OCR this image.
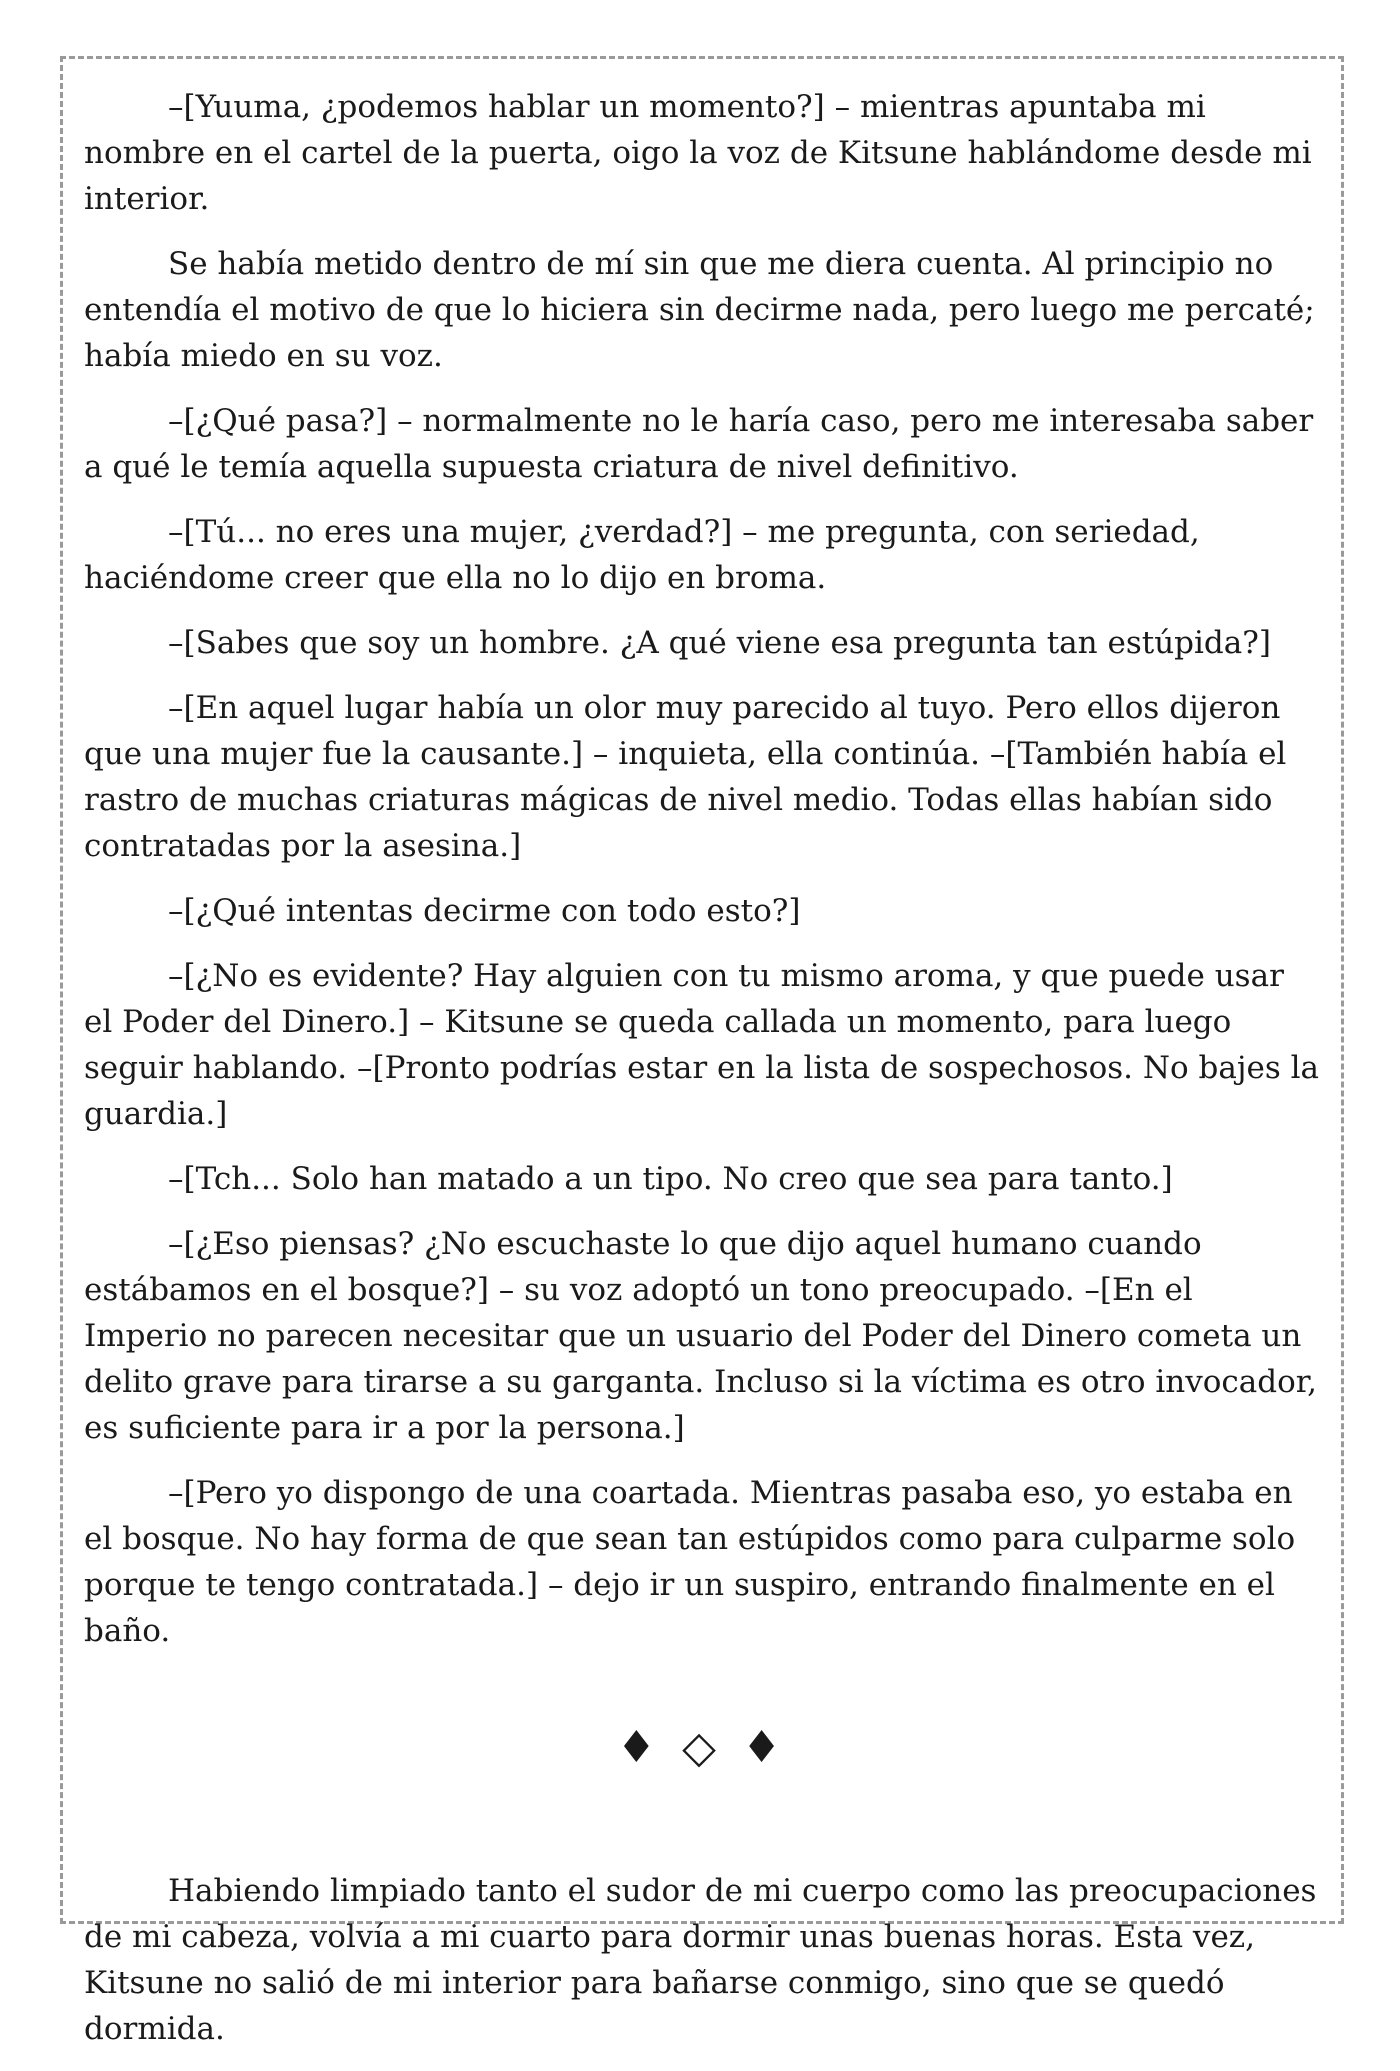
–[Yuuma, ¿podemos hablar un momento?] – mientras apuntaba mi nombre en el cartel de la puerta, oigo la voz de Kitsune hablándome desde mi interior.

Se había metido dentro de mí sin que me diera cuenta. Al principio no entendía el motivo de que lo hiciera sin decirme nada, pero luego me percaté; había miedo en su voz.

–[¿Qué pasa?] – normalmente no le haría caso, pero me interesaba saber a qué le temía aquella supuesta criatura de nivel definitivo.

–[Tú... no eres una mujer, ¿verdad?] – me pregunta, con seriedad, haciéndome creer que ella no lo dijo en broma.

–[Sabes que soy un hombre. ¿A qué viene esa pregunta tan estúpida?]

–[En aquel lugar había un olor muy parecido al tuyo. Pero ellos dijeron que una mujer fue la causante.] – inquieta, ella continúa. –[También había el rastro de muchas criaturas mágicas de nivel medio. Todas ellas habían sido contratadas por la asesina.]

–[¿Qué intentas decirme con todo esto?]

–[¿No es evidente? Hay alguien con tu mismo aroma, y que puede usar el Poder del Dinero.] – Kitsune se queda callada un momento, para luego seguir hablando. –[Pronto podrías estar en la lista de sospechosos. No bajes la guardia.]

–[Tch... Solo han matado a un tipo. No creo que sea para tanto.]

–[¿Eso piensas? ¿No escuchaste lo que dijo aquel humano cuando estábamos en el bosque?] – su voz adoptó un tono preocupado. –[En el Imperio no parecen necesitar que un usuario del Poder del Dinero cometa un delito grave para tirarse a su garganta. Incluso si la víctima es otro invocador, es suficiente para ir a por la persona.]

–[Pero yo dispongo de una coartada. Mientras pasaba eso, yo estaba en el bosque. No hay forma de que sean tan estúpidos como para culparme solo porque te tengo contratada.] – dejo ir un suspiro, entrando finalmente en el baño.

♦ ◇ ♦

Habiendo limpiado tanto el sudor de mi cuerpo como las preocupaciones de mi cabeza, volvía a mi cuarto para dormir unas buenas horas. Esta vez, Kitsune no salió de mi interior para bañarse conmigo, sino que se quedó dormida.
